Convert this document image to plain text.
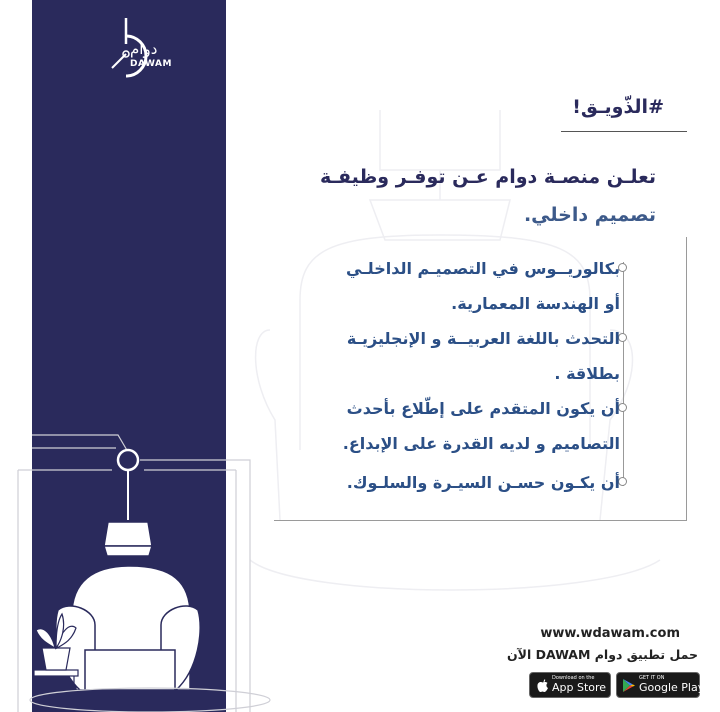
دوام
DAWAM
#الذّويـق!
تعلـن منصـة دوام عـن توفـر وظيفـة
تصميم داخلي.
بكالوريــوس في التصميـم الداخلـي
أو الهندسة المعمارية.
التحدث باللغة العربيــة و الإنجليزيـة
بطلاقة .
أن يكون المتقدم على إطّلاع بأحدث
التصاميم و لديه القدرة على الإبداع.
أن يكـون حسـن السيـرة والسلـوك.
www.wdawam.com
حمل تطبيق دوام DAWAM الآن
Download on the
App Store
GET IT ON
Google Play
